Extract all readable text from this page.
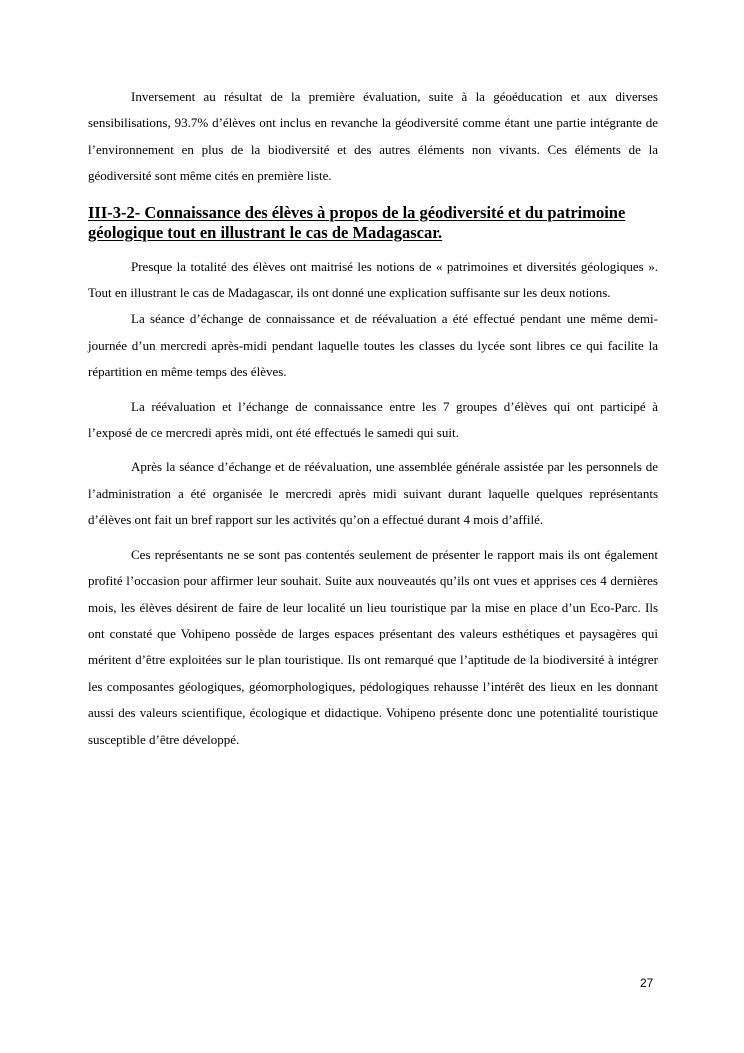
Inversement au résultat de la première évaluation, suite à la géoéducation et aux diverses sensibilisations, 93.7% d’élèves ont inclus en revanche la géodiversité comme étant une partie intégrante de l’environnement en plus de la biodiversité et des autres éléments non vivants. Ces éléments de la géodiversité sont même cités en première liste.

III-3-2- Connaissance des élèves à propos de la géodiversité et du patrimoine géologique tout en illustrant le cas de Madagascar.

Presque la totalité des élèves ont maitrisé les notions de « patrimoines et diversités géologiques ». Tout en illustrant le cas de Madagascar, ils ont donné une explication suffisante sur les deux notions.

La séance d’échange de connaissance et de réévaluation a été effectué pendant une même demi-journée d’un mercredi après-midi pendant laquelle toutes les classes du lycée sont libres ce qui facilite la répartition en même temps des élèves.

La réévaluation et l’échange de connaissance entre les 7 groupes d’élèves qui ont participé à l’exposé de ce mercredi après midi, ont été effectués le samedi qui suit.

Après la séance d’échange et de réévaluation, une assemblée générale assistée par les personnels de l’administration a été organisée le mercredi après midi suivant durant laquelle quelques représentants d’élèves ont fait un bref rapport sur les activités qu’on a effectué durant 4 mois d’affilé.

Ces représentants ne se sont pas contentés seulement de présenter le rapport mais ils ont également profité l’occasion pour affirmer leur souhait. Suite aux nouveautés qu’ils ont vues et apprises ces 4 dernières mois, les élèves désirent de faire de leur localité un lieu touristique par la mise en place d’un Eco-Parc. Ils ont constaté que Vohipeno possède de larges espaces présentant des valeurs esthétiques et paysagères qui méritent d’être exploitées sur le plan touristique. Ils ont remarqué que l’aptitude de la biodiversité à intégrer les composantes géologiques, géomorphologiques, pédologiques rehausse l’intérêt des lieux en les donnant aussi des valeurs scientifique, écologique et didactique. Vohipeno présente donc une potentialité touristique susceptible d’être développé.

27
